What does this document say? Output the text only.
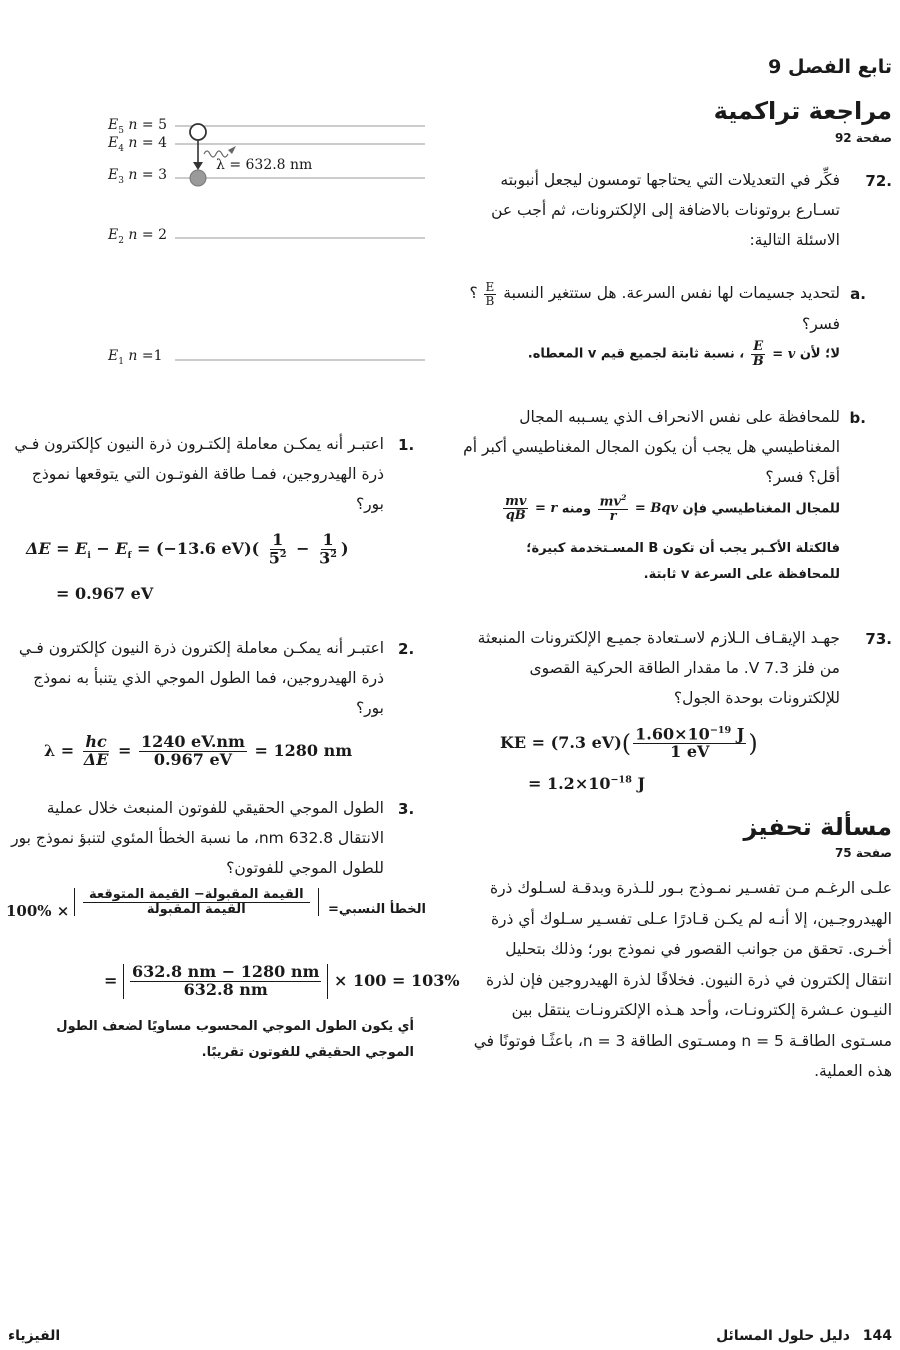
تابع الفصل 9
مراجعة تراكمية
صفحة 92
.72
فكِّر في التعديلات التي يحتاجها تومسون ليجعل أنبوبته تسـارع بروتونات بالاضافة إلى الإلكترونات، ثم أجب عن الاسئلة التالية:
.a
لتحديد جسيمات لها نفس السرعة. هل ستتغير النسبة
$\frac{E}{B}$
؟ فسر؟
لا؛ لأن v =
$\frac{E}{B}$
، نسبة ثابتة لجميع قيم v المعطاه.
.b
للمحافظة على نفس الانحراف الذي يسـببه المجال المغناطيسي هل يجب أن يكون المجال المغناطيسي أكبر أم أقل؟ فسر؟
للمجال المغناطيسي فإن Bqv =
$\frac{mv^2}{r}$
ومنه r =
$\frac{mv}{qB}$
فالكتلة الأكـبر يجب أن تكون B المسـتخدمة كبيرة؛ للمحافظة على السرعة v ثابتة.
.73
جهـد الإيقـاف الـلازم لاسـتعادة جميـع الإلكترونات المنبعثة من فلز 7.3 V. ما مقدار الطاقة الحركية القصوى للإلكترونات بوحدة الجول؟
KE = (7.3 $eV)( \frac{1.60\times 10^{-19} J}{1 eV}$ )
= $1.2\times 10^{-18}$ J
مسألة تحفيز
صفحة 75
علـى الرغـم مـن تفسـير نمـوذج بـور للـذرة وبدقـة لسـلوك ذرة الهيدروجـين، إلا أنـه لم يكـن قـادرًا عـلى تفسـير سـلوك أي ذرة أخـرى. تحقق من جوانب القصور في نموذج بور؛ وذلك بتحليل انتقال إلكترون في ذرة النيون. فخلافًا لذرة الهيدروجين فإن لذرة النيـون عـشرة إلكترونـات، وأحد هـذه الإلكترونـات ينتقل بين مسـتوى الطاقـة 5 = n ومسـتوى الطاقة 3 = n، باعثًـا فوتونًا في هذه العملية.
$E_5$ n = 5
$E_4$ n = 4
$E_3$ n = 3
$E_2$ n = 2
$E_1$ n =1
λ = 632.8 nm
.1
اعتبـر أنه يمكـن معاملة إلكتـرون ذرة النيون كإلكترون فـي ذرة الهيدروجين، فمـا طاقة الفوتـون التي يتوقعها نموذج بور؟
$\Delta E = E_i - E_f = (-13.6$ $eV)( \frac{1}{5^2} - \frac{1}{3^2}$ )
= 0.967 eV
.2
اعتبـر أنه يمكـن معاملة إلكترون ذرة النيون كإلكترون فـي ذرة الهيدروجين، فما الطول الموجي الذي يتنبأ به نموذج بور؟
$\lambda = \frac{hc}{\Delta E} = \frac{1240 eV.nm}{0.967 eV} = 1280$ nm
.3
الطول الموجي الحقيقي للفوتون المنبعث خلال عملية الانتقال 632.8 nm، ما نسبة الخطأ المئوي لتنبؤ نموذج بور للطول الموجي للفوتون؟
الخطأ النسبي=
$\frac{\text{القيمة المقبولة− القيمة المتوقعة}}{\text{القيمة المقبولة}}$
100% ×
= $\frac{632.8 nm - 1280 nm}{632.8 nm} \times 100 = 103\%$
أي يكون الطول الموجي المحسوب مساويًا لضعف الطول الموجي الحقيقي للفوتون تقريبًا.
144 دليل حلول المسائل
الفيزياء
